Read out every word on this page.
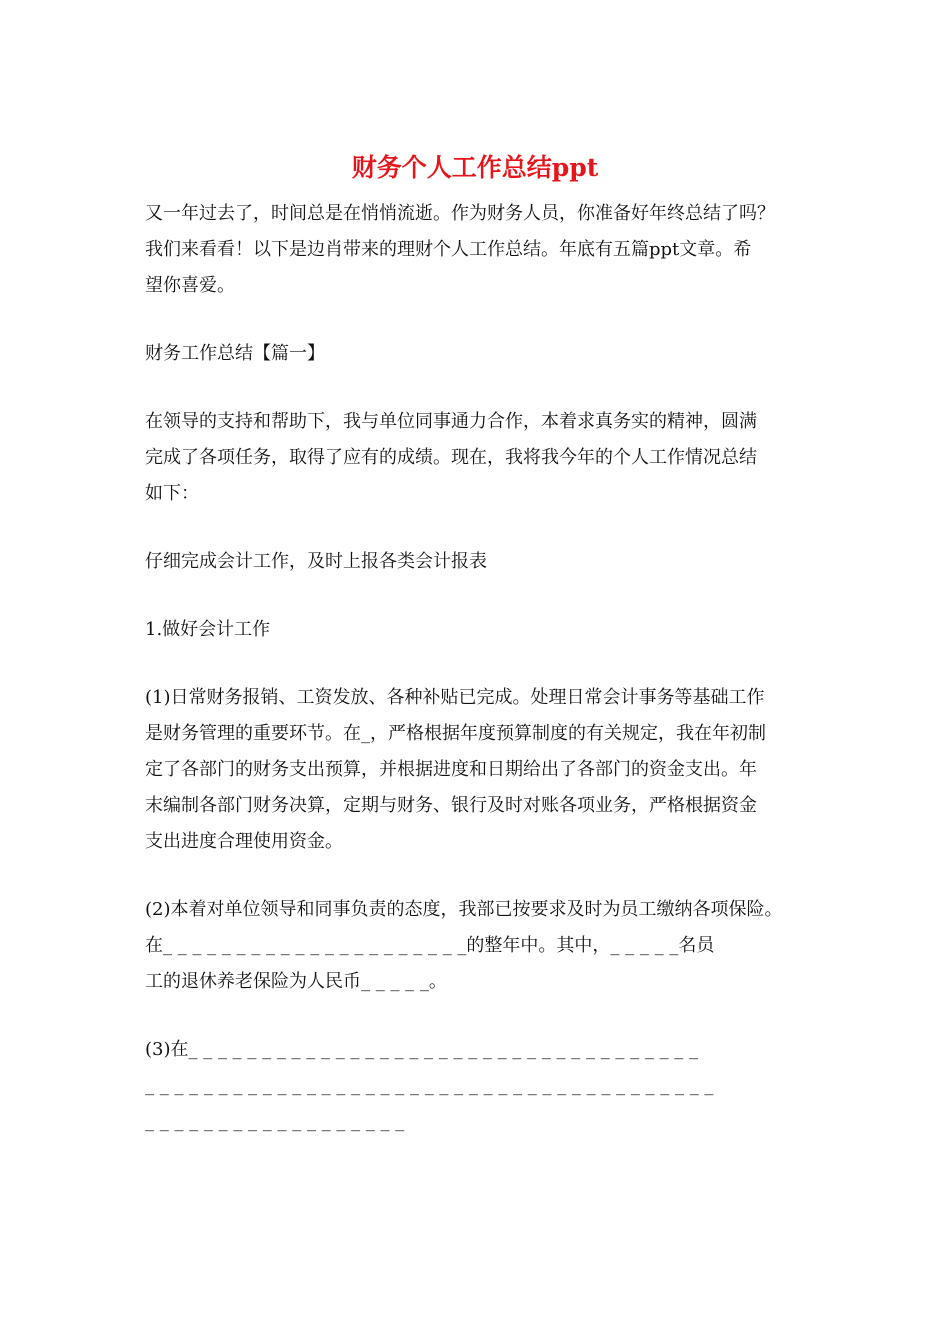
财务个人工作总结ppt
又一年过去了，时间总是在悄悄流逝。作为财务人员，你准备好年终总结了吗？
我们来看看！以下是边肖带来的理财个人工作总结。年底有五篇ppt文章。希
望你喜爱。
财务工作总结【篇一】
在领导的支持和帮助下，我与单位同事通力合作，本着求真务实的精神，圆满
完成了各项任务，取得了应有的成绩。现在，我将我今年的个人工作情况总结
如下：
仔细完成会计工作，及时上报各类会计报表
1.做好会计工作
(1)日常财务报销、工资发放、各种补贴已完成。处理日常会计事务等基础工作
是财务管理的重要环节。在_，严格根据年度预算制度的有关规定，我在年初制
定了各部门的财务支出预算，并根据进度和日期给出了各部门的资金支出。年
末编制各部门财务决算，定期与财务、银行及时对账各项业务，严格根据资金
支出进度合理使用资金。
(2)本着对单位领导和同事负责的态度，我部已按要求及时为员工缴纳各项保险。
在_ _ _ _ _ _ _ _ _ _ _ _ _ _ _ _ _ _ _ _ _的整年中。其中，_ _ _ _ _名员
工的退休养老保险为人民币_ _ _ _ _。
(3)在_ _ _ _ _ _ _ _ _ _ _ _ _ _ _ _ _ _ _ _ _ _ _ _ _ _ _ _ _ _ _ _ _ _ _
_ _ _ _ _ _ _ _ _ _ _ _ _ _ _ _ _ _ _ _ _ _ _ _ _ _ _ _ _ _ _ _ _ _ _ _ _ _ _
_ _ _ _ _ _ _ _ _ _ _ _ _ _ _ _ _ _
